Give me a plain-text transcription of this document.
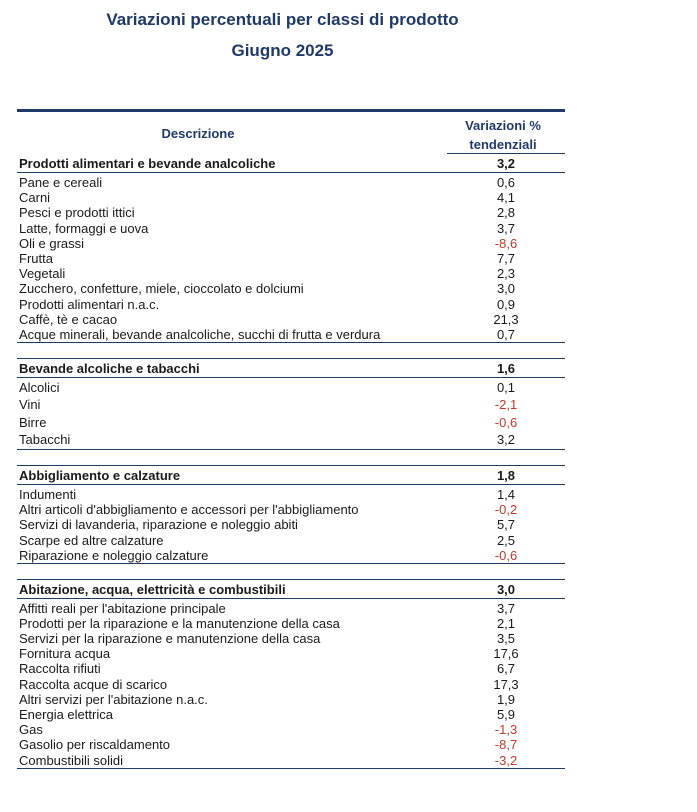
Variazioni percentuali per classi di prodotto
Giugno 2025
Descrizione
Variazioni %
tendenziali
Prodotti alimentari e bevande analcoliche	3,2
Pane e cereali	0,6
Carni	4,1
Pesci e prodotti ittici	2,8
Latte, formaggi e uova	3,7
Oli e grassi	-8,6
Frutta	7,7
Vegetali	2,3
Zucchero, confetture, miele, cioccolato e dolciumi	3,0
Prodotti alimentari n.a.c.	0,9
Caffè, tè e cacao	21,3
Acque minerali, bevande analcoliche, succhi di frutta e verdura	0,7
Bevande alcoliche e tabacchi	1,6
Alcolici	0,1
Vini	-2,1
Birre	-0,6
Tabacchi	3,2
Abbigliamento e calzature	1,8
Indumenti	1,4
Altri articoli d'abbigliamento e accessori per l'abbigliamento	-0,2
Servizi di lavanderia, riparazione e noleggio abiti	5,7
Scarpe ed altre calzature	2,5
Riparazione e noleggio calzature	-0,6
Abitazione, acqua, elettricità e combustibili	3,0
Affitti reali per l'abitazione principale	3,7
Prodotti per la riparazione e la manutenzione della casa	2,1
Servizi per la riparazione e manutenzione della casa	3,5
Fornitura acqua	17,6
Raccolta rifiuti	6,7
Raccolta acque di scarico	17,3
Altri servizi per l'abitazione n.a.c.	1,9
Energia elettrica	5,9
Gas	-1,3
Gasolio per riscaldamento	-8,7
Combustibili solidi	-3,2
